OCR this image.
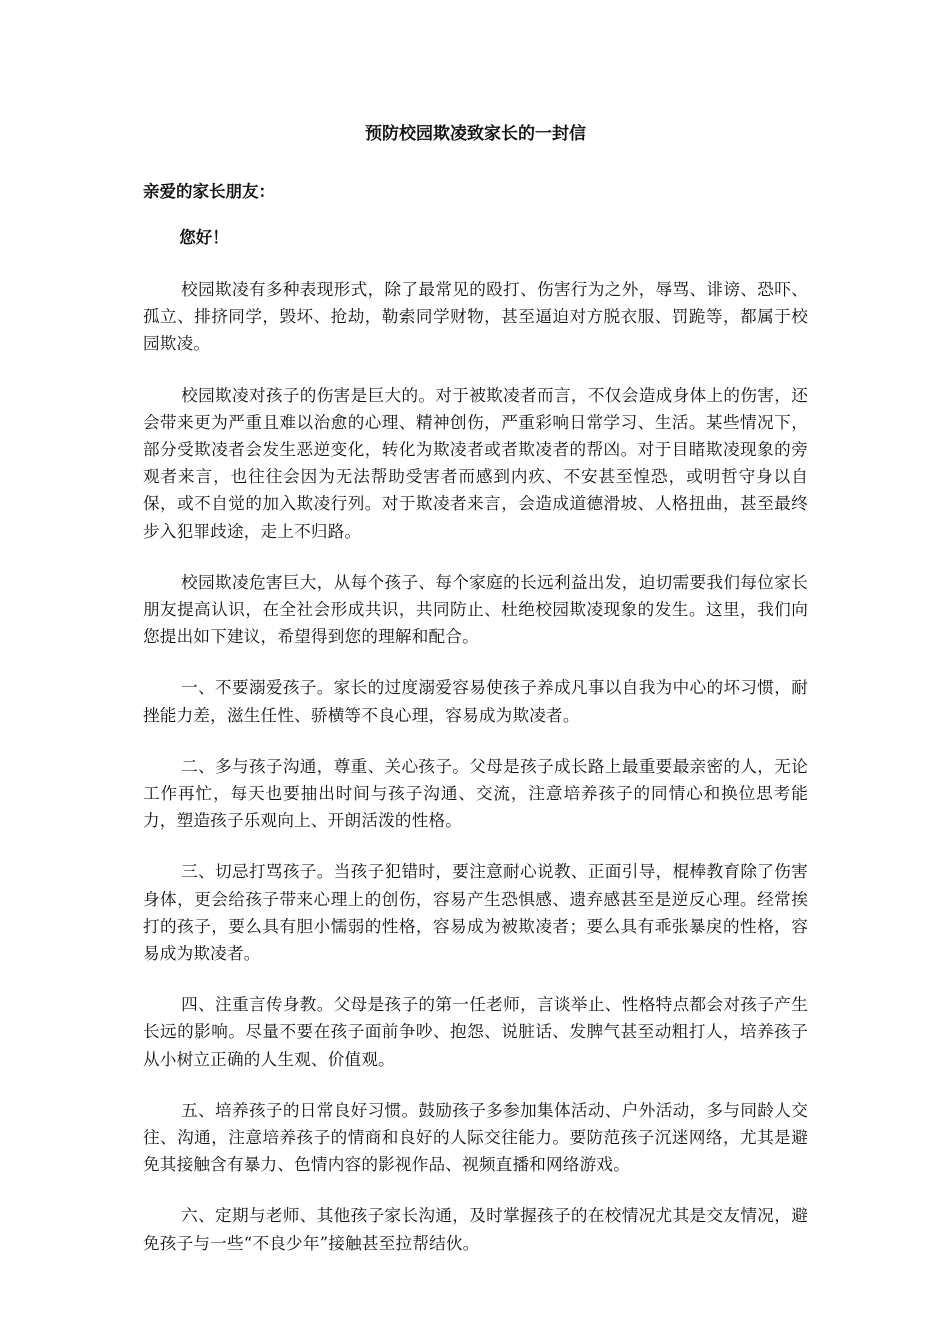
预防校园欺凌致家长的一封信
亲爱的家长朋友：
您好！

校园欺凌有多种表现形式，除了最常见的殴打、伤害行为之外，辱骂、诽谤、恐吓、孤立、排挤同学，毁坏、抢劫，勒索同学财物，甚至逼迫对方脱衣服、罚跪等，都属于校园欺凌。

校园欺凌对孩子的伤害是巨大的。对于被欺凌者而言，不仅会造成身体上的伤害，还会带来更为严重且难以治愈的心理、精神创伤，严重彩响日常学习、生活。某些情况下，部分受欺凌者会发生恶逆变化，转化为欺凌者或者欺凌者的帮凶。对于目睹欺凌现象的旁观者来言，也往往会因为无法帮助受害者而感到内疚、不安甚至惶恐，或明哲守身以自保，或不自觉的加入欺凌行列。对于欺凌者来言，会造成道德滑坡、人格扭曲，甚至最终步入犯罪歧途，走上不归路。

校园欺凌危害巨大，从每个孩子、每个家庭的长远利益出发，迫切需要我们每位家长朋友提高认识，在全社会形成共识，共同防止、杜绝校园欺凌现象的发生。这里，我们向您提出如下建议，希望得到您的理解和配合。

一、不要溺爱孩子。家长的过度溺爱容易使孩子养成凡事以自我为中心的坏习惯，耐挫能力差，滋生任性、骄横等不良心理，容易成为欺凌者。

二、多与孩子沟通，尊重、关心孩子。父母是孩子成长路上最重要最亲密的人，无论工作再忙，每天也要抽出时间与孩子沟通、交流，注意培养孩子的同情心和换位思考能力，塑造孩子乐观向上、开朗活泼的性格。

三、切忌打骂孩子。当孩子犯错时，要注意耐心说教、正面引导，棍棒教育除了伤害身体，更会给孩子带来心理上的创伤，容易产生恐惧感、遗弃感甚至是逆反心理。经常挨打的孩子，要么具有胆小懦弱的性格，容易成为被欺凌者；要么具有乖张暴戾的性格，容易成为欺凌者。

四、注重言传身教。父母是孩子的第一任老师，言谈举止、性格特点都会对孩子产生长远的影响。尽量不要在孩子面前争吵、抱怨、说脏话、发脾气甚至动粗打人，培养孩子从小树立正确的人生观、价值观。

五、培养孩子的日常良好习惯。鼓励孩子多参加集体活动、户外活动，多与同龄人交往、沟通，注意培养孩子的情商和良好的人际交往能力。要防范孩子沉迷网络，尤其是避免其接触含有暴力、色情内容的影视作品、视频直播和网络游戏。

六、定期与老师、其他孩子家长沟通，及时掌握孩子的在校情况尤其是交友情况，避免孩子与一些“不良少年”接触甚至拉帮结伙。
